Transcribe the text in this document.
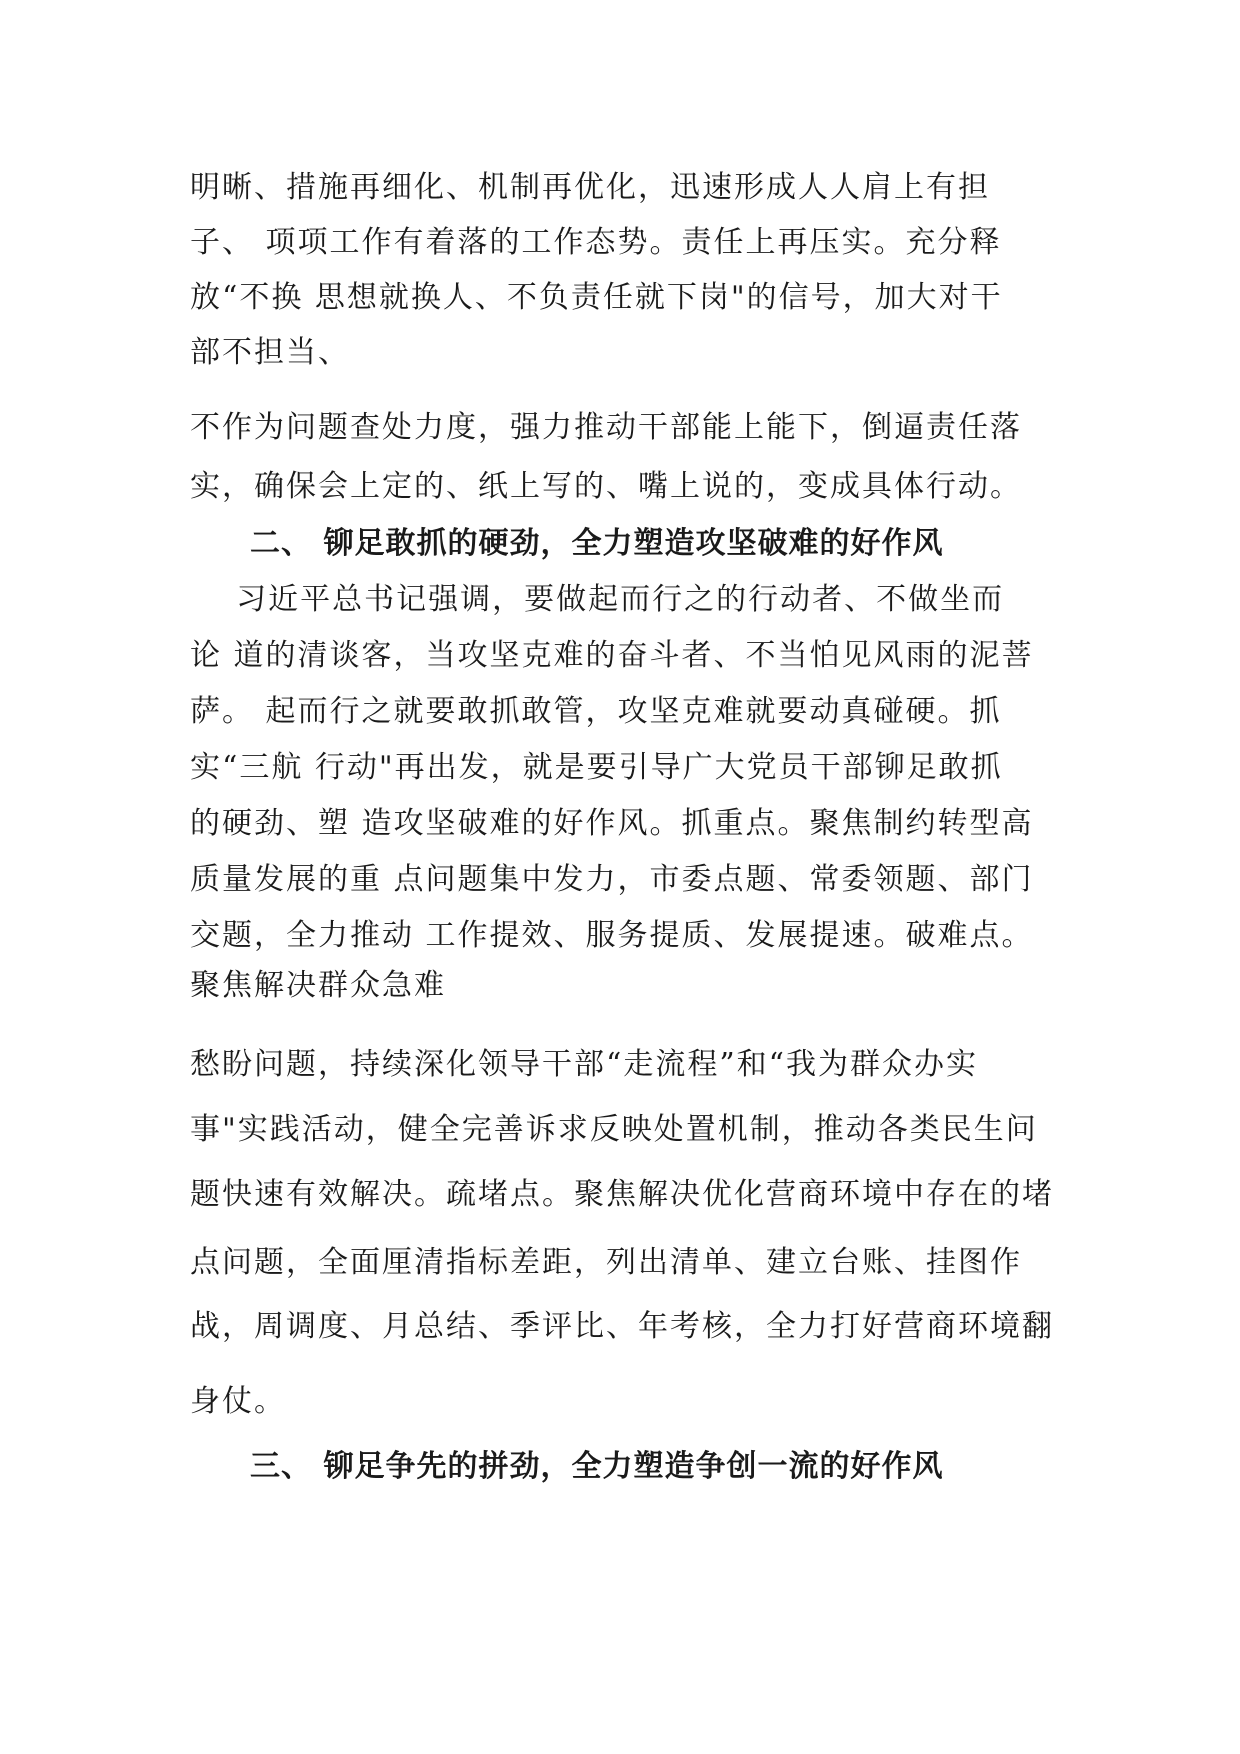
明晰、措施再细化、机制再优化，迅速形成人人肩上有担
子、 项项工作有着落的工作态势。责任上再压实。充分释
放“不换 思想就换人、不负责任就下岗"的信号，加大对干
部不担当、
不作为问题查处力度，强力推动干部能上能下，倒逼责任落
实，确保会上定的、纸上写的、嘴上说的，变成具体行动。
二、 铆足敢抓的硬劲，全力塑造攻坚破难的好作风
习近平总书记强调，要做起而行之的行动者、不做坐而
论 道的清谈客，当攻坚克难的奋斗者、不当怕见风雨的泥菩
萨。 起而行之就要敢抓敢管，攻坚克难就要动真碰硬。抓
实“三航 行动"再出发，就是要引导广大党员干部铆足敢抓
的硬劲、塑 造攻坚破难的好作风。抓重点。聚焦制约转型高
质量发展的重 点问题集中发力，市委点题、常委领题、部门
交题，全力推动 工作提效、服务提质、发展提速。破难点。
聚焦解决群众急难
愁盼问题，持续深化领导干部“走流程”和“我为群众办实
事"实践活动，健全完善诉求反映处置机制，推动各类民生问
题快速有效解决。疏堵点。聚焦解决优化营商环境中存在的堵
点问题，全面厘清指标差距，列出清单、建立台账、挂图作
战，周调度、月总结、季评比、年考核，全力打好营商环境翻
身仗。
三、 铆足争先的拼劲，全力塑造争创一流的好作风
